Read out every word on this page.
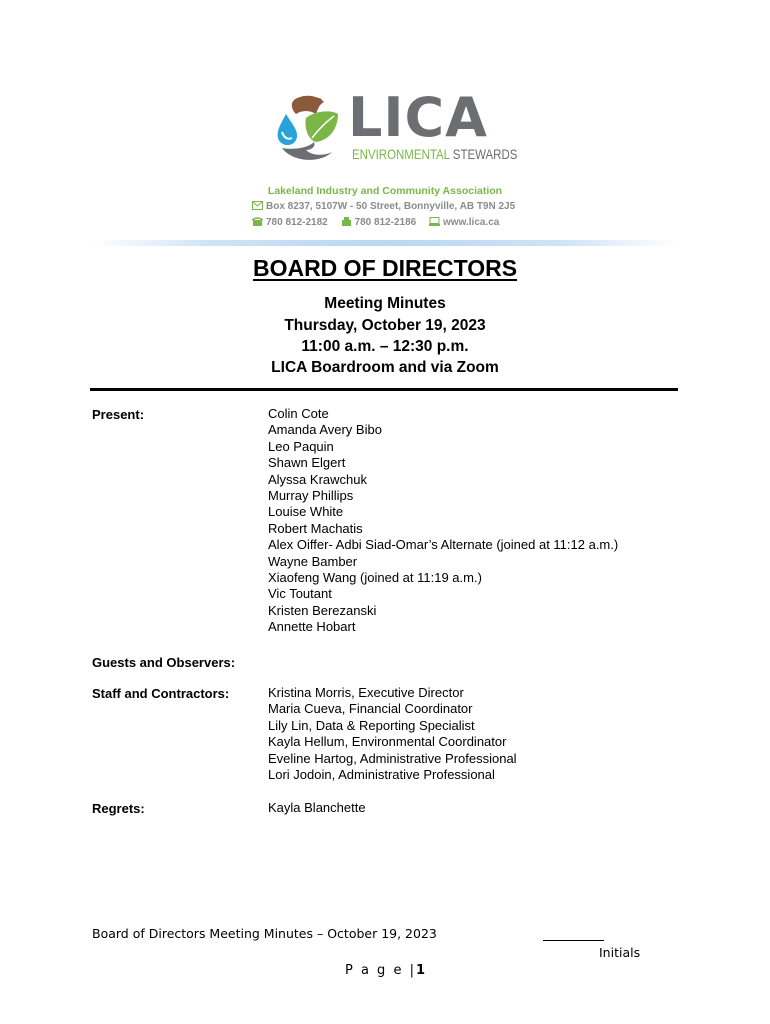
LICA
ENVIRONMENTAL STEWARDS
Lakeland Industry and Community Association
Box 8237, 5107W - 50 Street, Bonnyville, AB T9N 2J5
780 812-2182	780 812-2186	www.lica.ca
BOARD OF DIRECTORS
Meeting Minutes
Thursday, October 19, 2023
11:00 a.m. – 12:30 p.m.
LICA Boardroom and via Zoom
Present:	Colin Cote
Amanda Avery Bibo
Leo Paquin
Shawn Elgert
Alyssa Krawchuk
Murray Phillips
Louise White
Robert Machatis
Alex Oiffer- Adbi Siad-Omar’s Alternate (joined at 11:12 a.m.)
Wayne Bamber
Xiaofeng Wang (joined at 11:19 a.m.)
Vic Toutant
Kristen Berezanski
Annette Hobart
Guests and Observers:
Staff and Contractors:	Kristina Morris, Executive Director
Maria Cueva, Financial Coordinator
Lily Lin, Data & Reporting Specialist
Kayla Hellum, Environmental Coordinator
Eveline Hartog, Administrative Professional
Lori Jodoin, Administrative Professional
Regrets:	Kayla Blanchette
Board of Directors Meeting Minutes – October 19, 2023
Initials
P a g e |1
